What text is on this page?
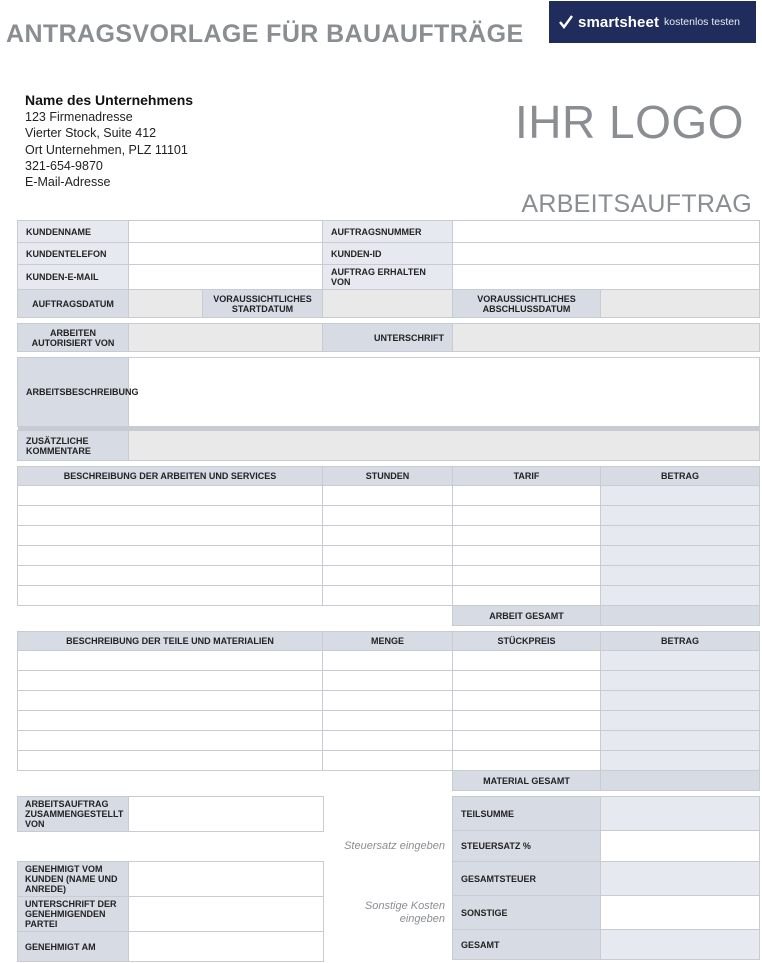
ANTRAGSVORLAGE FÜR BAUAUFTRÄGE	smartsheet kostenlos testen
Name des Unternehmens
123 Firmenadresse
Vierter Stock, Suite 412
Ort Unternehmen, PLZ 11101
321-654-9870
E-Mail-Adresse
IHR LOGO
ARBEITSAUFTRAG
KUNDENNAME		AUFTRAGSNUMMER	
KUNDENTELEFON		KUNDEN-ID	
KUNDEN-E-MAIL		AUFTRAG ERHALTEN VON	
AUFTRAGSDATUM		VORAUSSICHTLICHES STARTDATUM		VORAUSSICHTLICHES ABSCHLUSSDATUM	
ARBEITEN AUTORISIERT VON		UNTERSCHRIFT	
ARBEITSBESCHREIBUNG	

ZUSÄTZLICHE KOMMENTARE	
BESCHREIBUNG DER ARBEITEN UND SERVICES	STUNDEN	TARIF	BETRAG

		ARBEIT GESAMT	
BESCHREIBUNG DER TEILE UND MATERIALIEN	MENGE	STÜCKPREIS	BETRAG

		MATERIAL GESAMT	
ARBEITSAUFTRAG ZUSAMMENGESTELLT VON	
GENEHMIGT VOM KUNDEN (NAME UND ANREDE)	
UNTERSCHRIFT DER GENEHMIGENDEN PARTEI	
GENEHMIGT AM	
Steuersatz eingeben
Sonstige Kosten eingeben
TEILSUMME	
STEUERSATZ %	
GESAMTSTEUER	
SONSTIGE	
GESAMT	
